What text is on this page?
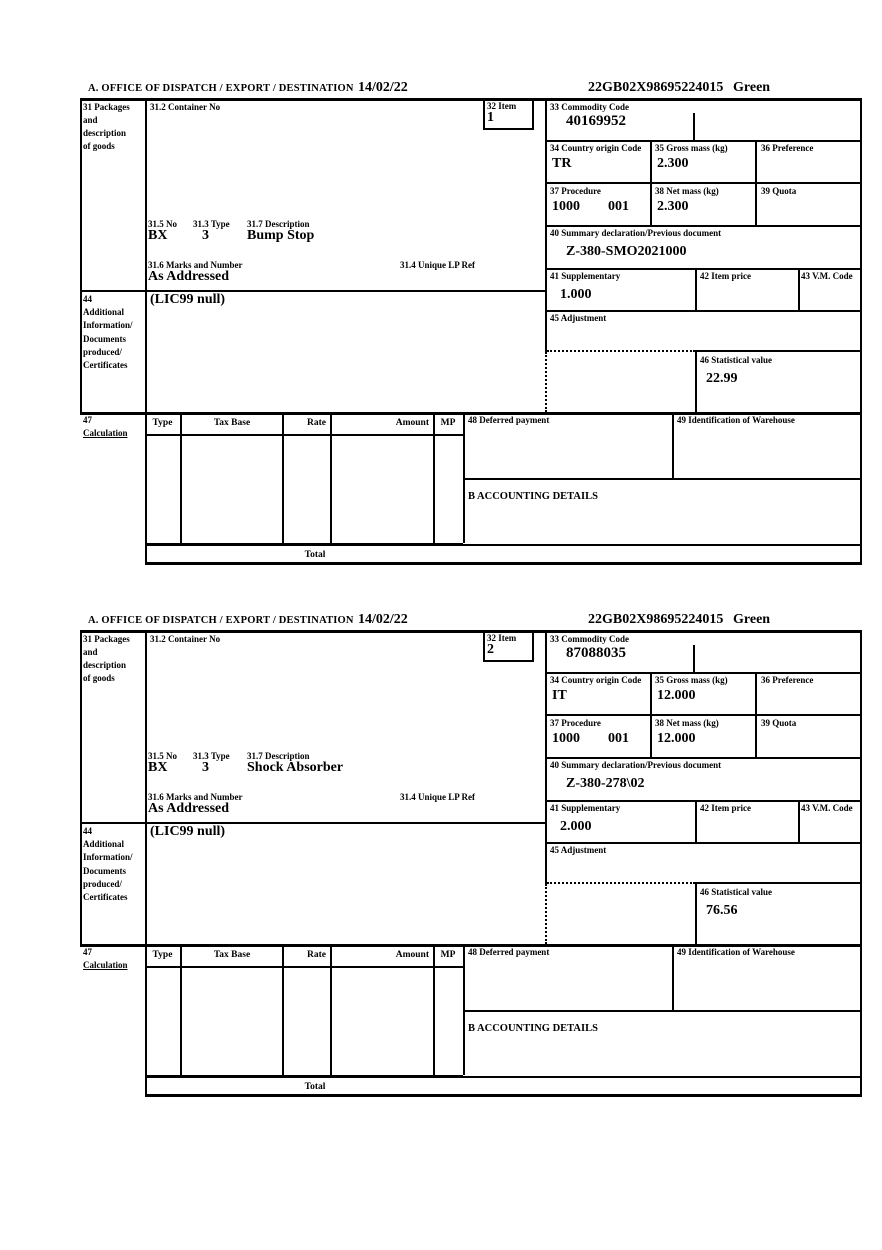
A. OFFICE OF DISPATCH / EXPORT / DESTINATION 14/02/22	22GB02X98695224015 Green
31 Packages
and
description
of goods
44
Additional
Information/
Documents
produced/
Certificates
47
Calculation
31.2 Container No	32 Item
1
31.5 No 31.3 Type 31.7 Description
BX 3	Bump Stop
31.6 Marks and Number	31.4 Unique LP Ref
As Addressed
(LIC99 null)
33 Commodity Code
40169952
34 Country origin Code
TR
35 Gross mass (kg)
2.300
36 Preference
37 Procedure
1000 001
38 Net mass (kg)
2.300
39 Quota
40 Summary declaration/Previous document
Z-380-SMO2021000
41 Supplementary
1.000
42 Item price	43 V.M. Code
45 Adjustment
46 Statistical value
22.99
Type	Tax Base	Rate	Amount	MP	48 Deferred payment	49 Identification of Warehouse
B ACCOUNTING DETAILS
Total
A. OFFICE OF DISPATCH / EXPORT / DESTINATION 14/02/22	22GB02X98695224015 Green
31 Packages
and
description
of goods
44
Additional
Information/
Documents
produced/
Certificates
47
Calculation
31.2 Container No	32 Item
2
31.5 No 31.3 Type 31.7 Description
BX 3	Shock Absorber
31.6 Marks and Number	31.4 Unique LP Ref
As Addressed
(LIC99 null)
33 Commodity Code
87088035
34 Country origin Code
IT
35 Gross mass (kg)
12.000
36 Preference
37 Procedure
1000 001
38 Net mass (kg)
12.000
39 Quota
40 Summary declaration/Previous document
Z-380-278\02
41 Supplementary
2.000
42 Item price	43 V.M. Code
45 Adjustment
46 Statistical value
76.56
Type	Tax Base	Rate	Amount	MP	48 Deferred payment	49 Identification of Warehouse
B ACCOUNTING DETAILS
Total
